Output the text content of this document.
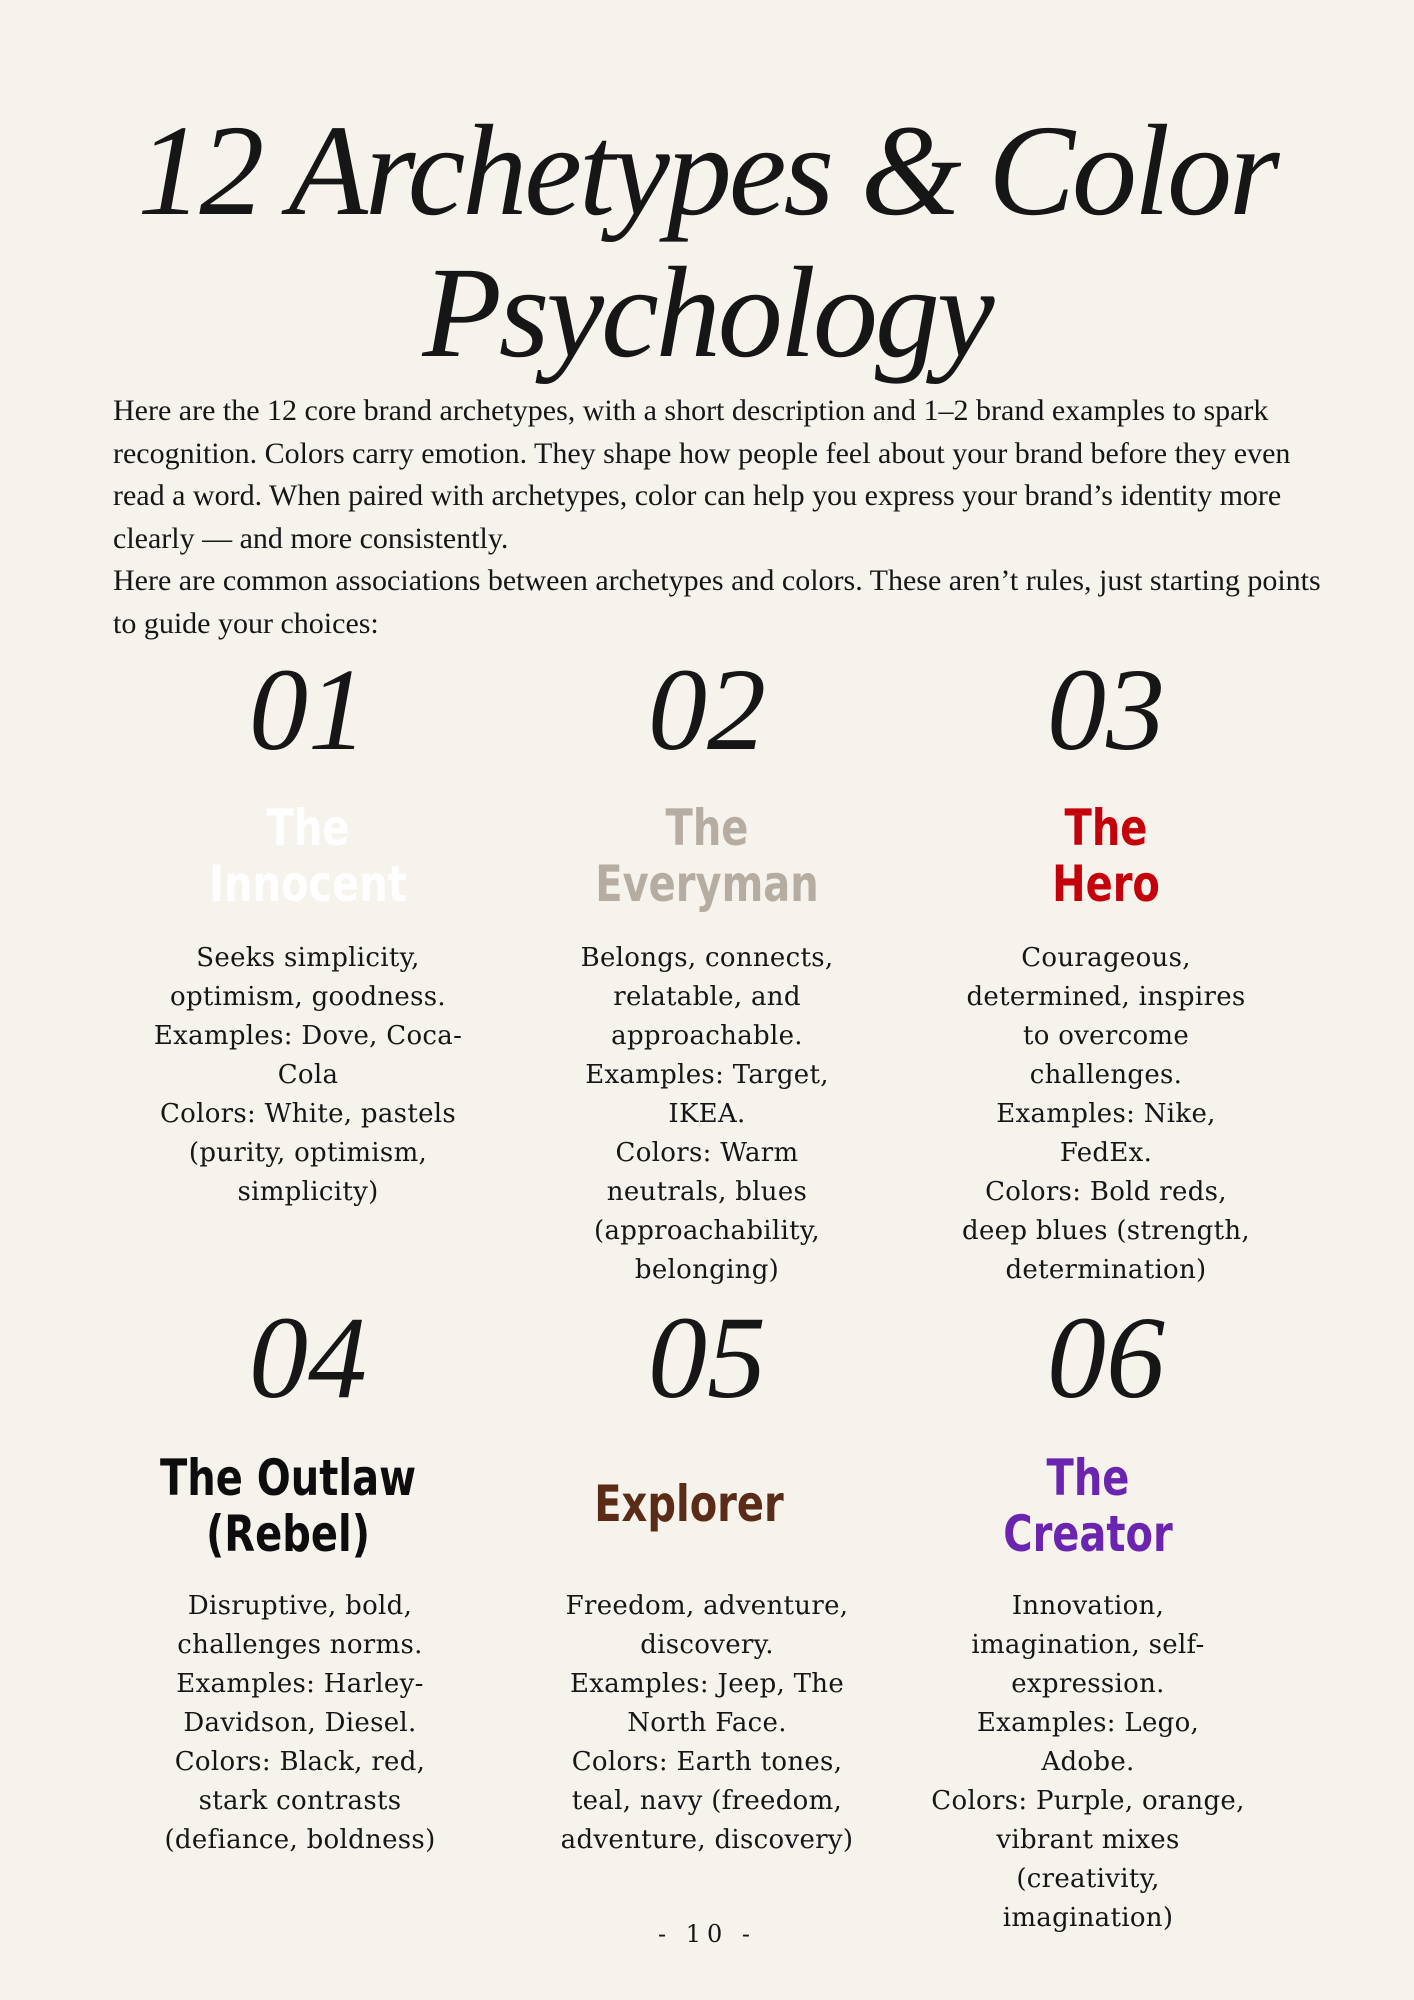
12 Archetypes & Color
Psychology

Here are the 12 core brand archetypes, with a short description and 1–2 brand examples to spark recognition. Colors carry emotion. They shape how people feel about your brand before they even read a word. When paired with archetypes, color can help you express your brand’s identity more clearly — and more consistently.

Here are common associations between archetypes and colors. These aren’t rules, just starting points to guide your choices:

01
The
Innocent
Seeks simplicity,
optimism, goodness.
Examples: Dove, Coca-
Cola
Colors: White, pastels
(purity, optimism,
simplicity)
02
The
Everyman
Belongs, connects,
relatable, and
approachable.
Examples: Target,
IKEA.
Colors: Warm
neutrals, blues
(approachability,
belonging)
03
The
Hero
Courageous,
determined, inspires
to overcome
challenges.
Examples: Nike,
FedEx.
Colors: Bold reds,
deep blues (strength,
determination)
04
The Outlaw
(Rebel)
Disruptive, bold,
challenges norms.
Examples: Harley-
Davidson, Diesel.
Colors: Black, red,
stark contrasts
(defiance, boldness)
05
Explorer
Freedom, adventure,
discovery.
Examples: Jeep, The
North Face.
Colors: Earth tones,
teal, navy (freedom,
adventure, discovery)
06
The
Creator
Innovation,
imagination, self-
expression.
Examples: Lego,
Adobe.
Colors: Purple, orange,
vibrant mixes
(creativity,
imagination)
- 10 -
